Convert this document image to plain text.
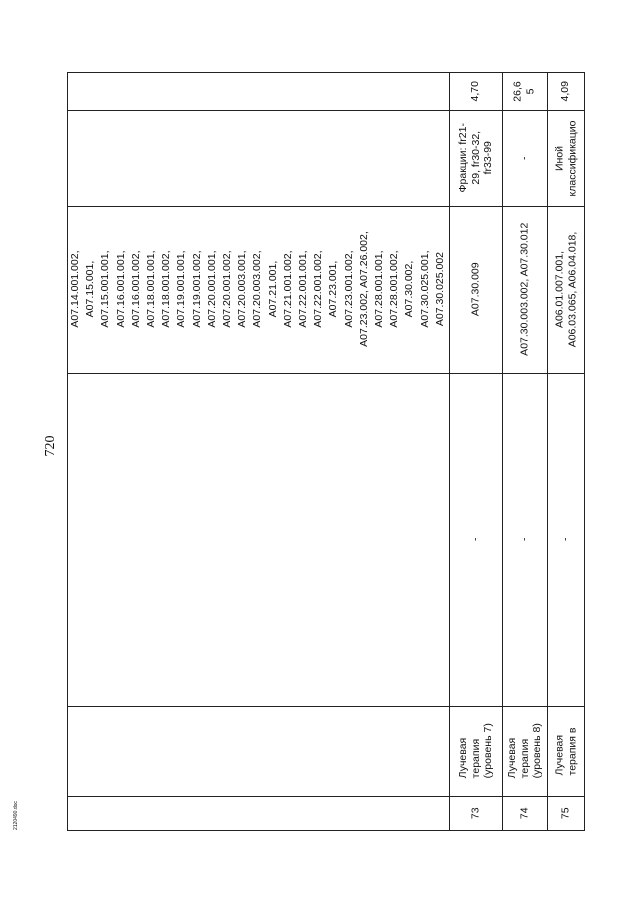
720
2120490.doc	73
Лучевая терапия (уровень 7)
-
A07.30.009
A07.14.001.002, A07.15.001, A07.15.001.001, A07.16.001.001, A07.16.001.002, A07.18.001.001, A07.18.001.002, A07.19.001.001, A07.19.001.002, A07.20.001.001, A07.20.001.002, A07.20.003.001, A07.20.003.002, A07.21.001, A07.21.001.002, A07.22.001.001, A07.22.001.002, A07.23.001, A07.23.001.002, A07.23.002, A07.26.002, A07.28.001.001, A07.28.001.002, A07.30.002, A07.30.025.001, A07.30.025.002
Фракции: fr21- 29, fr30-32, fr33-99
4,70
74
Лучевая терапия (уровень 8)
-
A07.30.003.002, A07.30.012
-
26,6 5
75
Лучевая терапия в
-
A06.01.007.001, A06.03.065, A06.04.018,
Иной классификацио
4,09
